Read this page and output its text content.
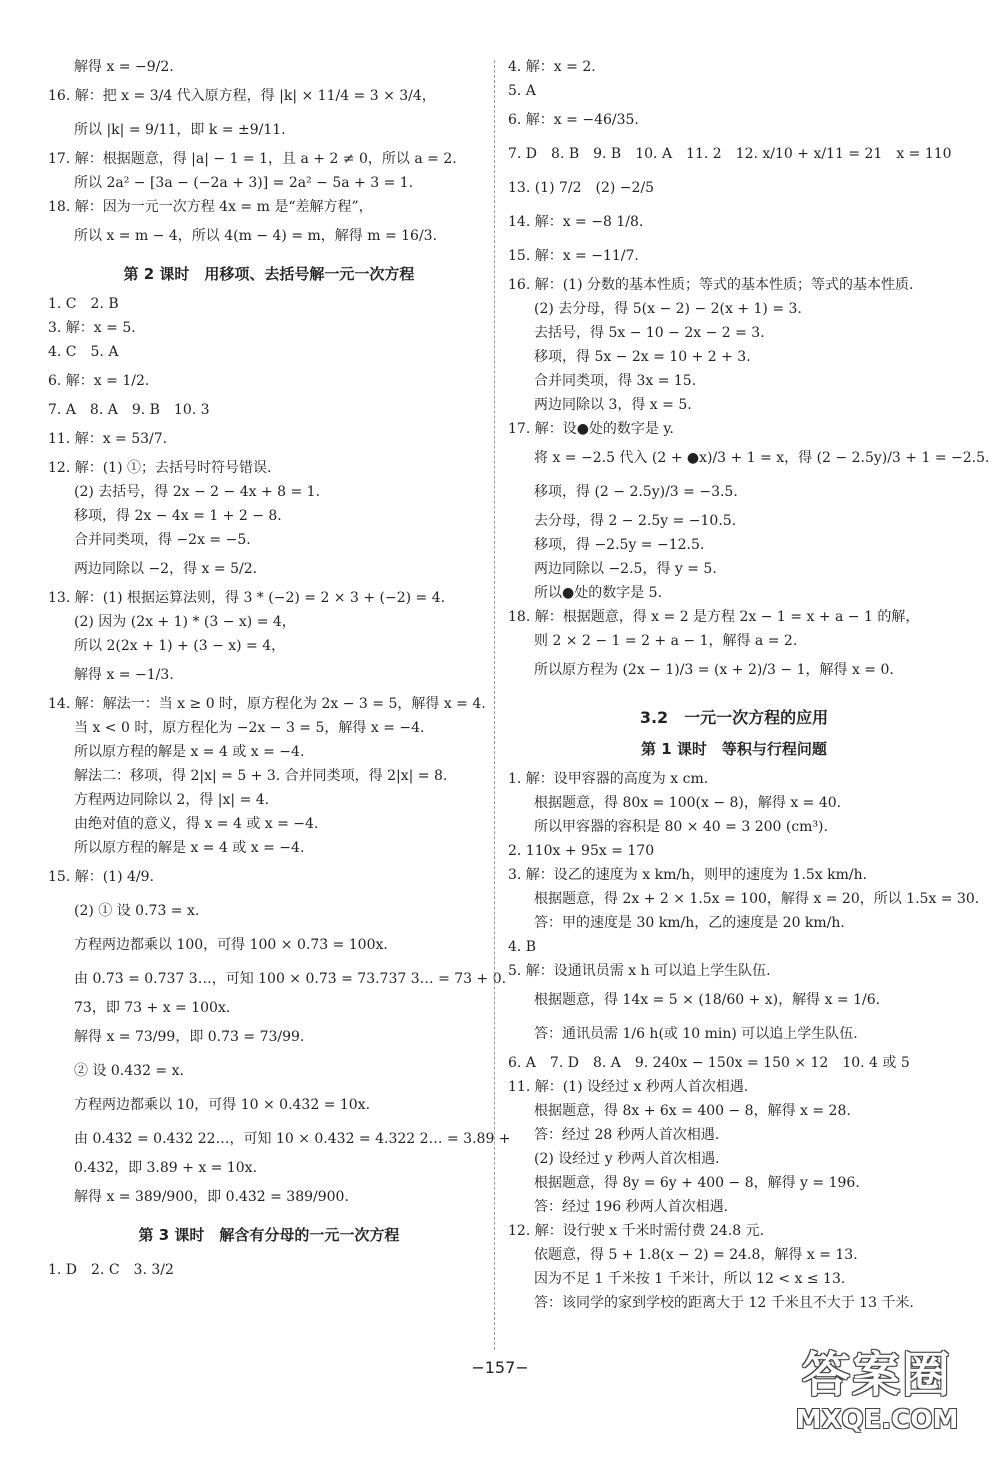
解得 x = −9/2.
16. 解：把 x = 3/4 代入原方程，得 |k| × 11/4 = 3 × 3/4，
所以 |k| = 9/11，即 k = ±9/11.
17. 解：根据题意，得 |a| − 1 = 1，且 a + 2 ≠ 0，所以 a = 2.
所以 2a² − [3a − (−2a + 3)] = 2a² − 5a + 3 = 1.
18. 解：因为一元一次方程 4x = m 是“差解方程”，
所以 x = m − 4，所以 4(m − 4) = m，解得 m = 16/3.
第 2 课时　用移项、去括号解一元一次方程
1. C　2. B
3. 解：x = 5.
4. C　5. A
6. 解：x = 1/2.
7. A　8. A　9. B　10. 3
11. 解：x = 53/7.
12. 解：(1) ①；去括号时符号错误.
(2) 去括号，得 2x − 2 − 4x + 8 = 1.
移项，得 2x − 4x = 1 + 2 − 8.
合并同类项，得 −2x = −5.
两边同除以 −2，得 x = 5/2.
13. 解：(1) 根据运算法则，得 3 * (−2) = 2 × 3 + (−2) = 4.
(2) 因为 (2x + 1) * (3 − x) = 4，
所以 2(2x + 1) + (3 − x) = 4，
解得 x = −1/3.
14. 解：解法一：当 x ≥ 0 时，原方程化为 2x − 3 = 5，解得 x = 4.
当 x < 0 时，原方程化为 −2x − 3 = 5，解得 x = −4.
所以原方程的解是 x = 4 或 x = −4.
解法二：移项，得 2|x| = 5 + 3. 合并同类项，得 2|x| = 8.
方程两边同除以 2，得 |x| = 4.
由绝对值的意义，得 x = 4 或 x = −4.
所以原方程的解是 x = 4 或 x = −4.
15. 解：(1) 4/9.
(2) ① 设 0.7̇3̇ = x.
方程两边都乘以 100，可得 100 × 0.7̇3̇ = 100x.
由 0.7̇3̇ = 0.737 3…，可知 100 × 0.7̇3̇ = 73.737 3… = 73 + 0.
7̇3̇，即 73 + x = 100x.
解得 x = 73/99，即 0.7̇3̇ = 73/99.
② 设 0.43̇2̇ = x.
方程两边都乘以 10，可得 10 × 0.43̇2̇ = 10x.
由 0.43̇2̇ = 0.432 22…，可知 10 × 0.43̇2̇ = 4.322 2… = 3.89 +
0.43̇2̇，即 3.89 + x = 10x.
解得 x = 389/900，即 0.43̇2̇ = 389/900.
第 3 课时　解含有分母的一元一次方程
1. D　2. C　3. 3/2
4. 解：x = 2.
5. A
6. 解：x = −46/35.
7. D　8. B　9. B　10. A　11. 2　12. x/10 + x/11 = 21　x = 110
13. (1) 7/2　(2) −2/5
14. 解：x = −8 1/8.
15. 解：x = −11/7.
16. 解：(1) 分数的基本性质；等式的基本性质；等式的基本性质.
(2) 去分母，得 5(x − 2) − 2(x + 1) = 3.
去括号，得 5x − 10 − 2x − 2 = 3.
移项，得 5x − 2x = 10 + 2 + 3.
合并同类项，得 3x = 15.
两边同除以 3，得 x = 5.
17. 解：设●处的数字是 y.
将 x = −2.5 代入 (2 + ●x)/3 + 1 = x，得 (2 − 2.5y)/3 + 1 = −2.5.
移项，得 (2 − 2.5y)/3 = −3.5.
去分母，得 2 − 2.5y = −10.5.
移项，得 −2.5y = −12.5.
两边同除以 −2.5，得 y = 5.
所以●处的数字是 5.
18. 解：根据题意，得 x = 2 是方程 2x − 1 = x + a − 1 的解，
则 2 × 2 − 1 = 2 + a − 1，解得 a = 2.
所以原方程为 (2x − 1)/3 = (x + 2)/3 − 1，解得 x = 0.
3.2　一元一次方程的应用
第 1 课时　等积与行程问题
1. 解：设甲容器的高度为 x cm.
根据题意，得 80x = 100(x − 8)，解得 x = 40.
所以甲容器的容积是 80 × 40 = 3 200 (cm³).
2. 110x + 95x = 170
3. 解：设乙的速度为 x km/h，则甲的速度为 1.5x km/h.
根据题意，得 2x + 2 × 1.5x = 100，解得 x = 20，所以 1.5x = 30.
答：甲的速度是 30 km/h，乙的速度是 20 km/h.
4. B
5. 解：设通讯员需 x h 可以追上学生队伍.
根据题意，得 14x = 5 × (18/60 + x)，解得 x = 1/6.
答：通讯员需 1/6 h(或 10 min) 可以追上学生队伍.
6. A　7. D　8. A　9. 240x − 150x = 150 × 12　10. 4 或 5
11. 解：(1) 设经过 x 秒两人首次相遇.
根据题意，得 8x + 6x = 400 − 8，解得 x = 28.
答：经过 28 秒两人首次相遇.
(2) 设经过 y 秒两人首次相遇.
根据题意，得 8y = 6y + 400 − 8，解得 y = 196.
答：经过 196 秒两人首次相遇.
12. 解：设行驶 x 千米时需付费 24.8 元.
依题意，得 5 + 1.8(x − 2) = 24.8，解得 x = 13.
因为不足 1 千米按 1 千米计，所以 12 < x ≤ 13.
答：该同学的家到学校的距离大于 12 千米且不大于 13 千米.
−157−	答案圈
MXQE.COM
